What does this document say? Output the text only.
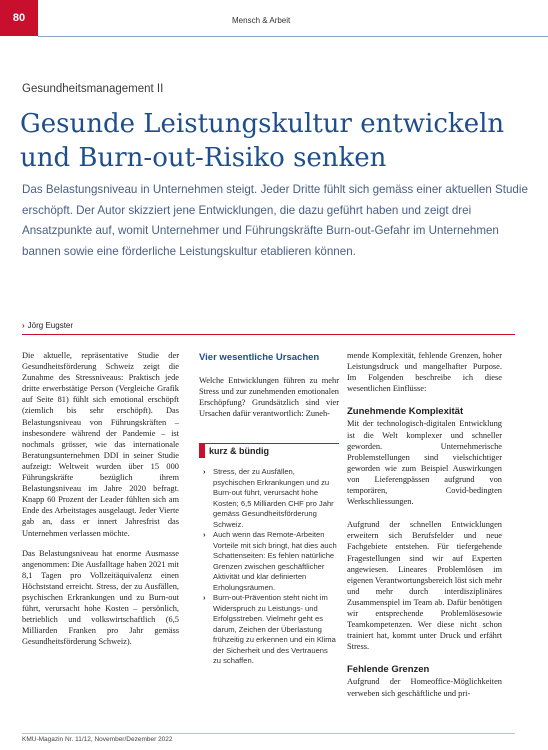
80	Mensch & Arbeit
Gesundheitsmanagement II
Gesunde Leistungskultur entwickeln
und Burn-out-Risiko senken

Das Belastungsniveau in Unternehmen steigt. Jeder Dritte fühlt sich gemäss einer aktuellen Studie erschöpft. Der Autor skizziert jene Entwicklungen, die dazu geführt haben und zeigt drei Ansatzpunkte auf, womit Unternehmer und Führungskräfte Burn-out-Gefahr im Unternehmen bannen sowie eine förderliche Leistungskultur etablieren können.

› Jörg Eugster

Die aktuelle, repräsentative Studie der Gesundheitsförderung Schweiz zeigt die Zunahme des Stressniveaus: Praktisch jede dritte erwerbstätige Person (Vergleiche Grafik auf Seite 81) fühlt sich emotional erschöpft (ziemlich bis sehr erschöpft). Das Belastungsniveau von Führungskräften – insbesondere während der Pandemie – ist nochmals grösser, wie das internationale Beratungsunternehmen DDI in seiner Studie aufzeigt: Weltweit wurden über 15 000 Führungskräfte bezüglich ihrem Belastungsniveau im Jahre 2020 befragt. Knapp 60 Prozent der Leader fühlten sich am Ende des Arbeitstages ausgelaugt. Jeder Vierte gab an, dass er innert Jahresfrist das Unternehmen verlassen möchte.

Das Belastungsniveau hat enorme Ausmasse angenommen: Die Ausfalltage haben 2021 mit 8,1 Tagen pro Vollzeitäquivalenz einen Höchststand erreicht. Stress, der zu Ausfällen, psychischen Erkrankungen und zu Burn-out führt, verursacht hohe Kosten – persönlich, betrieblich und volkswirtschaftlich (6,5 Milliarden Franken pro Jahr gemäss Gesundheitsförderung Schweiz).

Vier wesentliche Ursachen

Welche Entwicklungen führen zu mehr Stress und zur zunehmenden emotionalen Erschöpfung? Grundsätzlich sind vier Ursachen dafür verantwortlich: Zuneh-

kurz & bündig
› Stress, der zu Ausfällen, psychischen Erkrankungen und zu Burn-out führt, verursacht hohe Kosten; 6,5 Milliarden CHF pro Jahr gemäss Gesundheitsförderung Schweiz.
› Auch wenn das Remote-Arbeiten Vorteile mit sich bringt, hat dies auch Schattenseiten: Es fehlen natürliche Grenzen zwischen geschäftlicher Aktivität und klar definierten Erholungsräumen.
› Burn-out-Prävention steht nicht im Widerspruch zu Leistungs- und Erfolgsstreben. Vielmehr geht es darum, Zeichen der Überlastung frühzeitig zu erkennen und ein Klima der Sicherheit und des Vertrauens zu schaffen.

mende Komplexität, fehlende Grenzen, hoher Leistungsdruck und mangelhafter Purpose. Im Folgenden beschreibe ich diese wesentlichen Einflüsse:

Zunehmende Komplexität

Mit der technologisch-digitalen Entwicklung ist die Welt komplexer und schneller geworden. Unternehmerische Problemstellungen sind vielschichtiger geworden wie zum Beispiel Auswirkungen von Lieferengpässen aufgrund von temporären, Covid-bedingten Werkschliessungen.

Aufgrund der schnellen Entwicklungen erweitern sich Berufsfelder und neue Fachgebiete entstehen. Für tiefergehende Fragestellungen sind wir auf Experten angewiesen. Lineares Problemlösen im eigenen Verantwortungsbereich löst sich mehr und mehr durch interdisziplinäres Zusammenspiel im Team ab. Dafür benötigen wir entsprechende Problemlösesowie Teamkompetenzen. Wer diese nicht schon trainiert hat, kommt unter Druck und erfährt Stress.

Fehlende Grenzen

Aufgrund der Homeoffice-Möglichkeiten verweben sich geschäftliche und pri-

KMU-Magazin Nr. 11/12, November/Dezember 2022
